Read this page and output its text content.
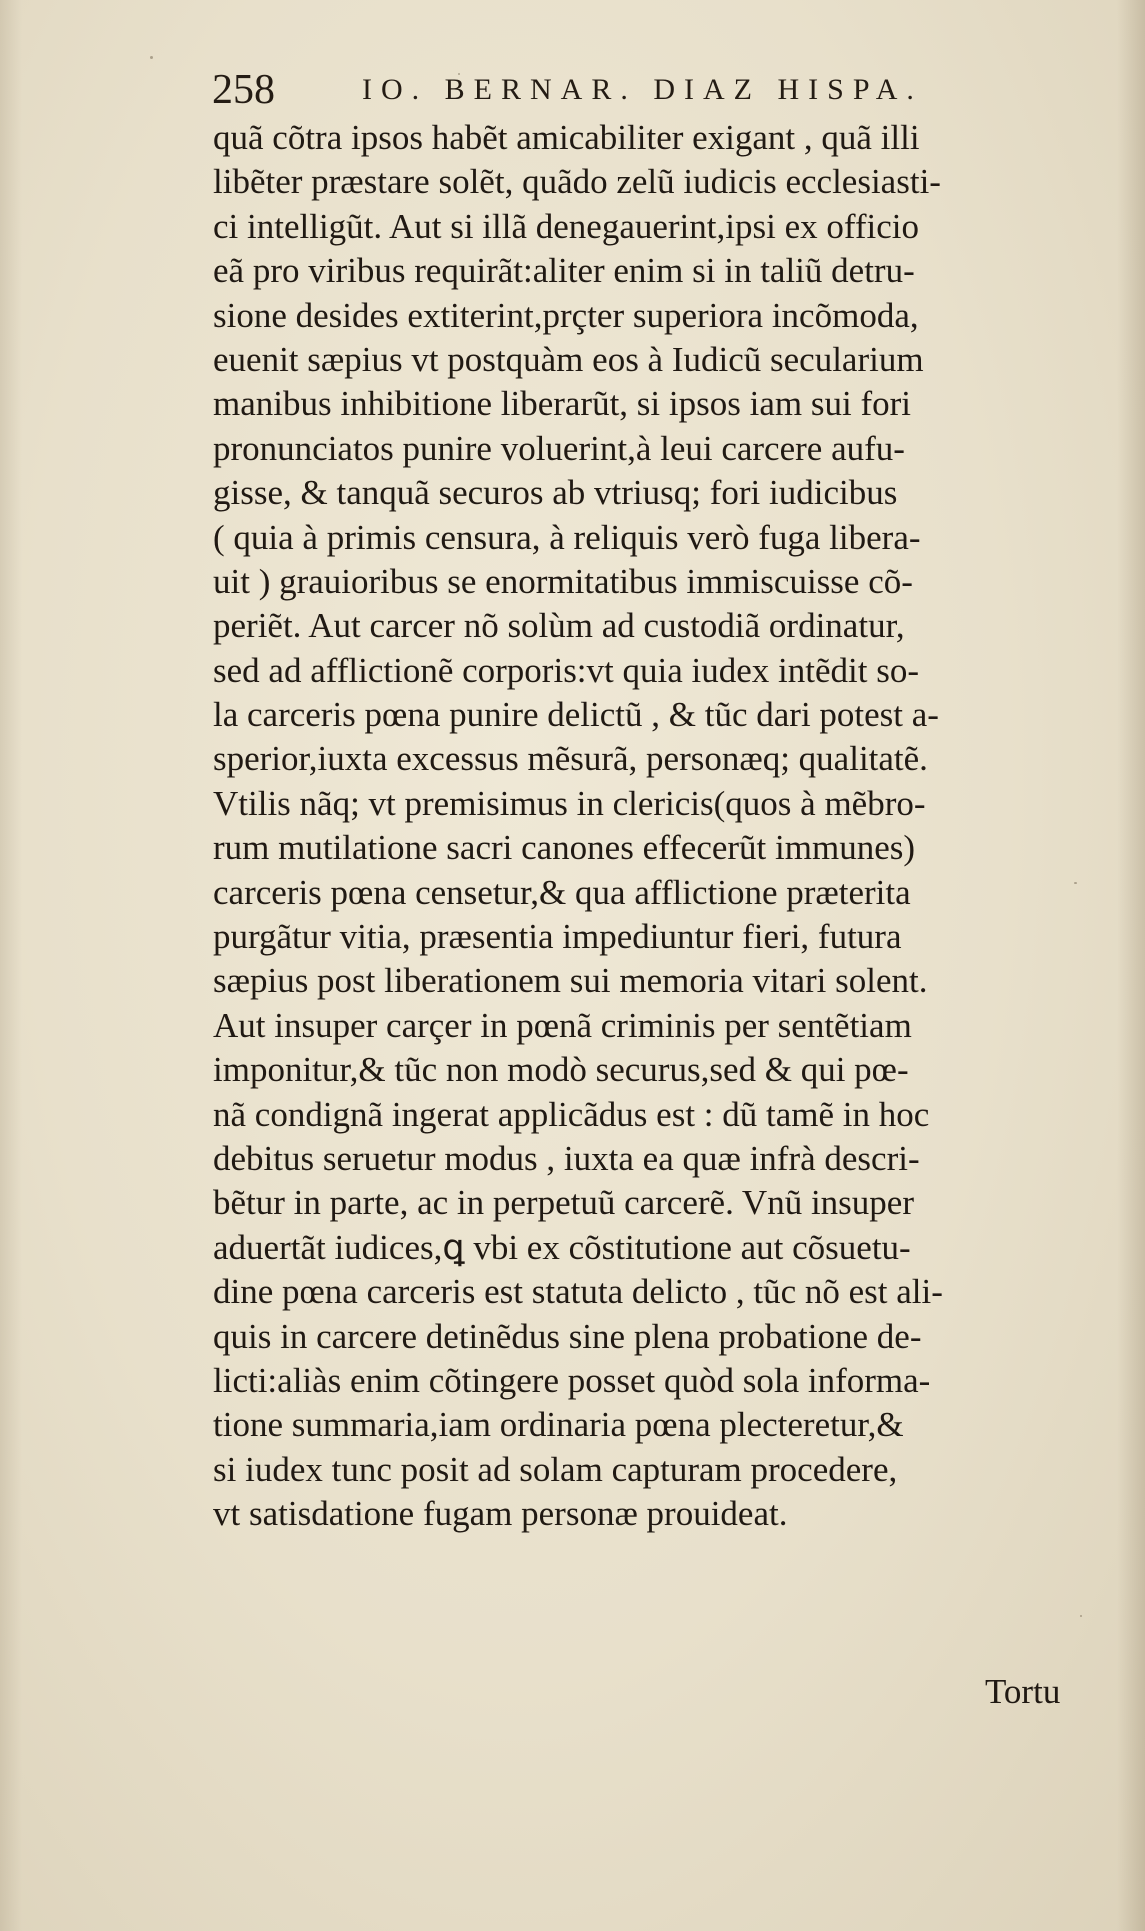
258	IO. BERNAR. DIAZ HISPA.
quã cõtra ipsos habẽt amicabiliter exigant , quã illi
libẽter præstare solẽt, quãdo zelũ iudicis ecclesiasti-
ci intelligũt. Aut si illã denegauerint,ipsi ex officio
eã pro viribus requirãt:aliter enim si in taliũ detru-
sione desides extiterint,prçter superiora incõmoda,
euenit sæpius vt postquàm eos à Iudicũ secularium
manibus inhibitione liberarũt, si ipsos iam sui fori
pronunciatos punire voluerint,à leui carcere aufu-
gisse, & tanquã securos ab vtriusq; fori iudicibus
( quia à primis censura, à reliquis verò fuga libera-
uit ) grauioribus se enormitatibus immiscuisse cõ-
periẽt. Aut carcer nõ solùm ad custodiã ordinatur,
sed ad afflictionẽ corporis:vt quia iudex intẽdit so-
la carceris pœna punire delictũ , & tũc dari potest a-
sperior,iuxta excessus mẽsurã, personæq; qualitatẽ.
Vtilis nãq; vt premisimus in clericis(quos à mẽbro-
rum mutilatione sacri canones effecerũt immunes)
carceris pœna censetur,& qua afflictione præterita
purgãtur vitia, præsentia impediuntur fieri, futura
sæpius post liberationem sui memoria vitari solent.
Aut insuper carçer in pœnã criminis per sentẽtiam
imponitur,& tũc non modò securus,sed & qui pœ-
nã condignã ingerat applicãdus est : dũ tamẽ in hoc
debitus seruetur modus , iuxta ea quæ infrà descri-
bẽtur in parte, ac in perpetuũ carcerẽ. Vnũ insuper
aduertãt iudices,ꝗ vbi ex cõstitutione aut cõsuetu-
dine pœna carceris est statuta delicto , tũc nõ est ali-
quis in carcere detinẽdus sine plena probatione de-
licti:aliàs enim cõtingere posset quòd sola informa-
tione summaria,iam ordinaria pœna plecteretur,&
si iudex tunc posit ad solam capturam procedere,
vt satisdatione fugam personæ prouideat.
Tortu
